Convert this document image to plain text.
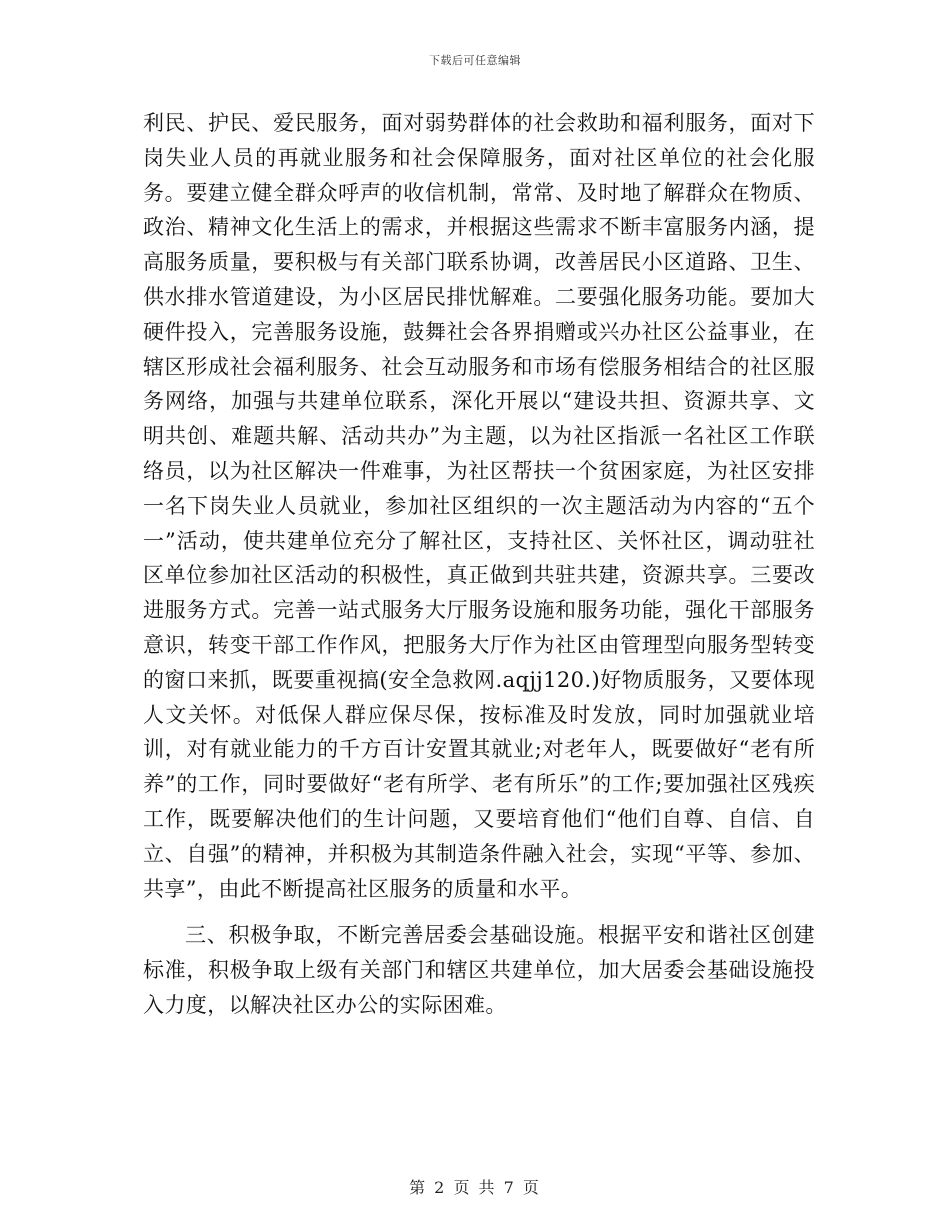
下载后可任意编辑

利民、护民、爱民服务，面对弱势群体的社会救助和福利服务，面对下岗失业人员的再就业服务和社会保障服务，面对社区单位的社会化服务。要建立健全群众呼声的收信机制，常常、及时地了解群众在物质、政治、精神文化生活上的需求，并根据这些需求不断丰富服务内涵，提高服务质量，要积极与有关部门联系协调，改善居民小区道路、卫生、供水排水管道建设，为小区居民排忧解难。二要强化服务功能。要加大硬件投入，完善服务设施，鼓舞社会各界捐赠或兴办社区公益事业，在辖区形成社会福利服务、社会互动服务和市场有偿服务相结合的社区服务网络，加强与共建单位联系，深化开展以“建设共担、资源共享、文明共创、难题共解、活动共办”为主题，以为社区指派一名社区工作联络员，以为社区解决一件难事，为社区帮扶一个贫困家庭，为社区安排一名下岗失业人员就业，参加社区组织的一次主题活动为内容的“五个一”活动，使共建单位充分了解社区，支持社区、关怀社区，调动驻社区单位参加社区活动的积极性，真正做到共驻共建，资源共享。三要改进服务方式。完善一站式服务大厅服务设施和服务功能，强化干部服务意识，转变干部工作作风，把服务大厅作为社区由管理型向服务型转变的窗口来抓，既要重视搞(安全急救网.aqjj120.)好物质服务，又要体现人文关怀。对低保人群应保尽保，按标准及时发放，同时加强就业培训，对有就业能力的千方百计安置其就业;对老年人，既要做好“老有所养”的工作，同时要做好“老有所学、老有所乐”的工作;要加强社区残疾工作，既要解决他们的生计问题，又要培育他们“他们自尊、自信、自立、自强”的精神，并积极为其制造条件融入社会，实现“平等、参加、共享”，由此不断提高社区服务的质量和水平。

三、积极争取，不断完善居委会基础设施。根据平安和谐社区创建标准，积极争取上级有关部门和辖区共建单位，加大居委会基础设施投入力度，以解决社区办公的实际困难。

第 2 页 共 7 页
